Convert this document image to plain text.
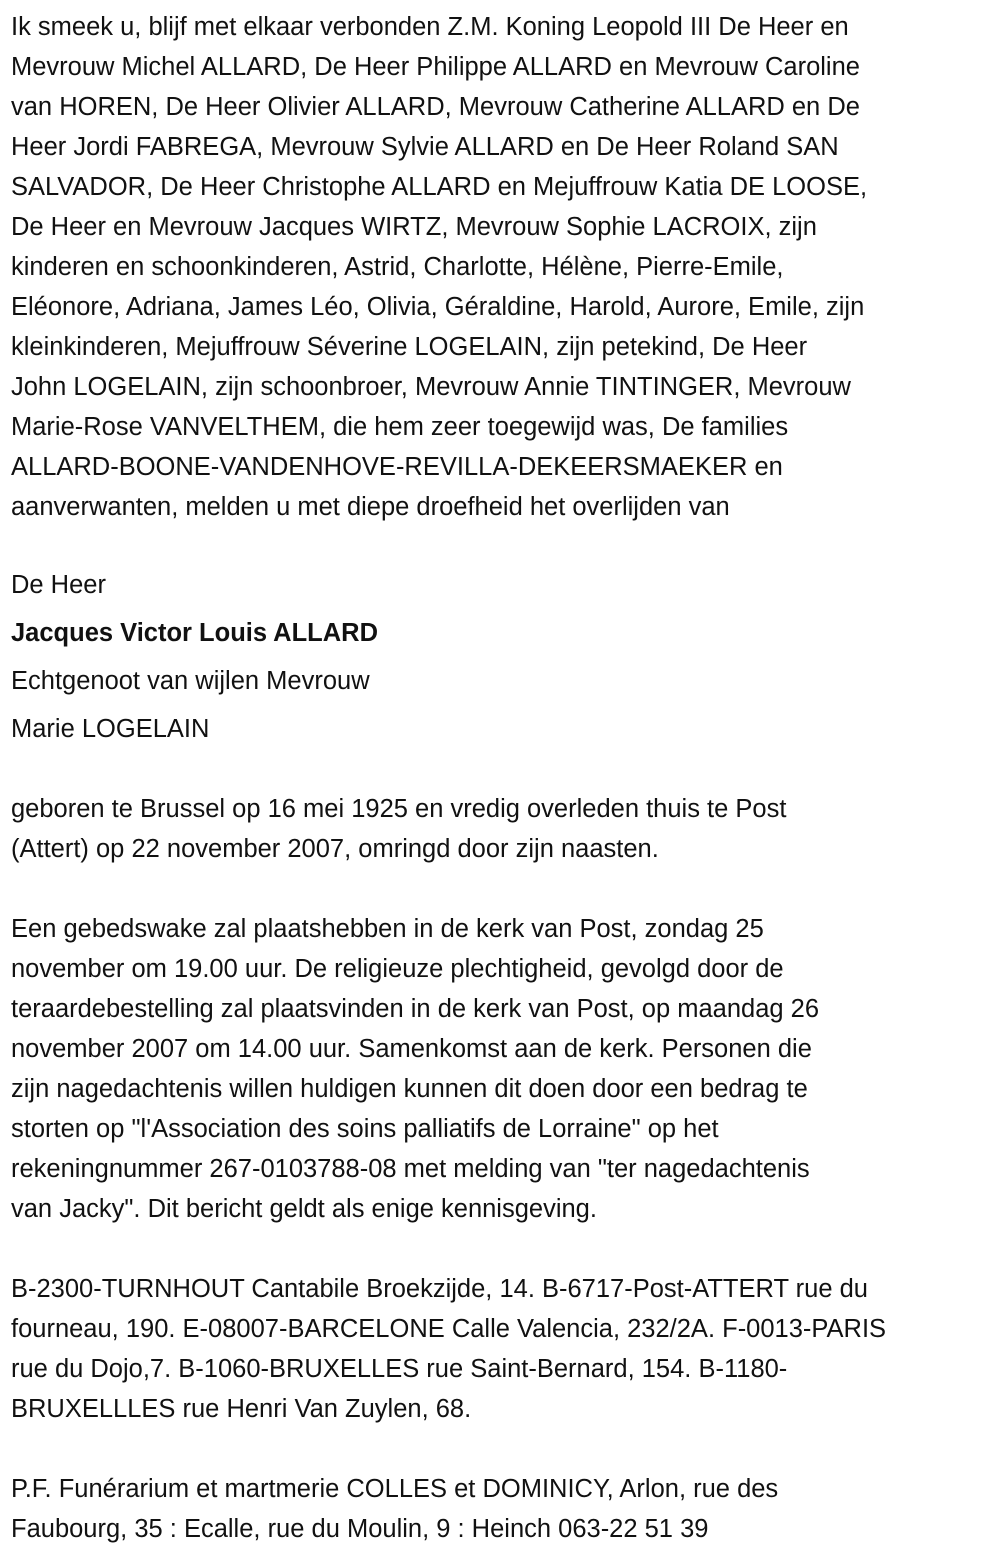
Ik smeek u, blijf met elkaar verbonden Z.M. Koning Leopold III De Heer en
Mevrouw Michel ALLARD, De Heer Philippe ALLARD en Mevrouw Caroline
van HOREN, De Heer Olivier ALLARD, Mevrouw Catherine ALLARD en De
Heer Jordi FABREGA, Mevrouw Sylvie ALLARD en De Heer Roland SAN
SALVADOR, De Heer Christophe ALLARD en Mejuffrouw Katia DE LOOSE,
De Heer en Mevrouw Jacques WIRTZ, Mevrouw Sophie LACROIX, zijn
kinderen en schoonkinderen, Astrid, Charlotte, Hélène, Pierre-Emile,
Eléonore, Adriana, James Léo, Olivia, Géraldine, Harold, Aurore, Emile, zijn
kleinkinderen, Mejuffrouw Séverine LOGELAIN, zijn petekind, De Heer
John LOGELAIN, zijn schoonbroer, Mevrouw Annie TINTINGER, Mevrouw
Marie-Rose VANVELTHEM, die hem zeer toegewijd was, De families
ALLARD-BOONE-VANDENHOVE-REVILLA-DEKEERSMAEKER en
aanverwanten, melden u met diepe droefheid het overlijden van
De Heer
Jacques Victor Louis ALLARD
Echtgenoot van wijlen Mevrouw
Marie LOGELAIN
geboren te Brussel op 16 mei 1925 en vredig overleden thuis te Post
(Attert) op 22 november 2007, omringd door zijn naasten.
Een gebedswake zal plaatshebben in de kerk van Post, zondag 25
november om 19.00 uur. De religieuze plechtigheid, gevolgd door de
teraardebestelling zal plaatsvinden in de kerk van Post, op maandag 26
november 2007 om 14.00 uur. Samenkomst aan de kerk. Personen die
zijn nagedachtenis willen huldigen kunnen dit doen door een bedrag te
storten op "l'Association des soins palliatifs de Lorraine" op het
rekeningnummer 267-0103788-08 met melding van "ter nagedachtenis
van Jacky". Dit bericht geldt als enige kennisgeving.
B-2300-TURNHOUT Cantabile Broekzijde, 14. B-6717-Post-ATTERT rue du
fourneau, 190. E-08007-BARCELONE Calle Valencia, 232/2A. F-0013-PARIS
rue du Dojo,7. B-1060-BRUXELLES rue Saint-Bernard, 154. B-1180-
BRUXELLLES rue Henri Van Zuylen, 68.
P.F. Funérarium et martmerie COLLES et DOMINICY, Arlon, rue des
Faubourg, 35 : Ecalle, rue du Moulin, 9 : Heinch 063-22 51 39
